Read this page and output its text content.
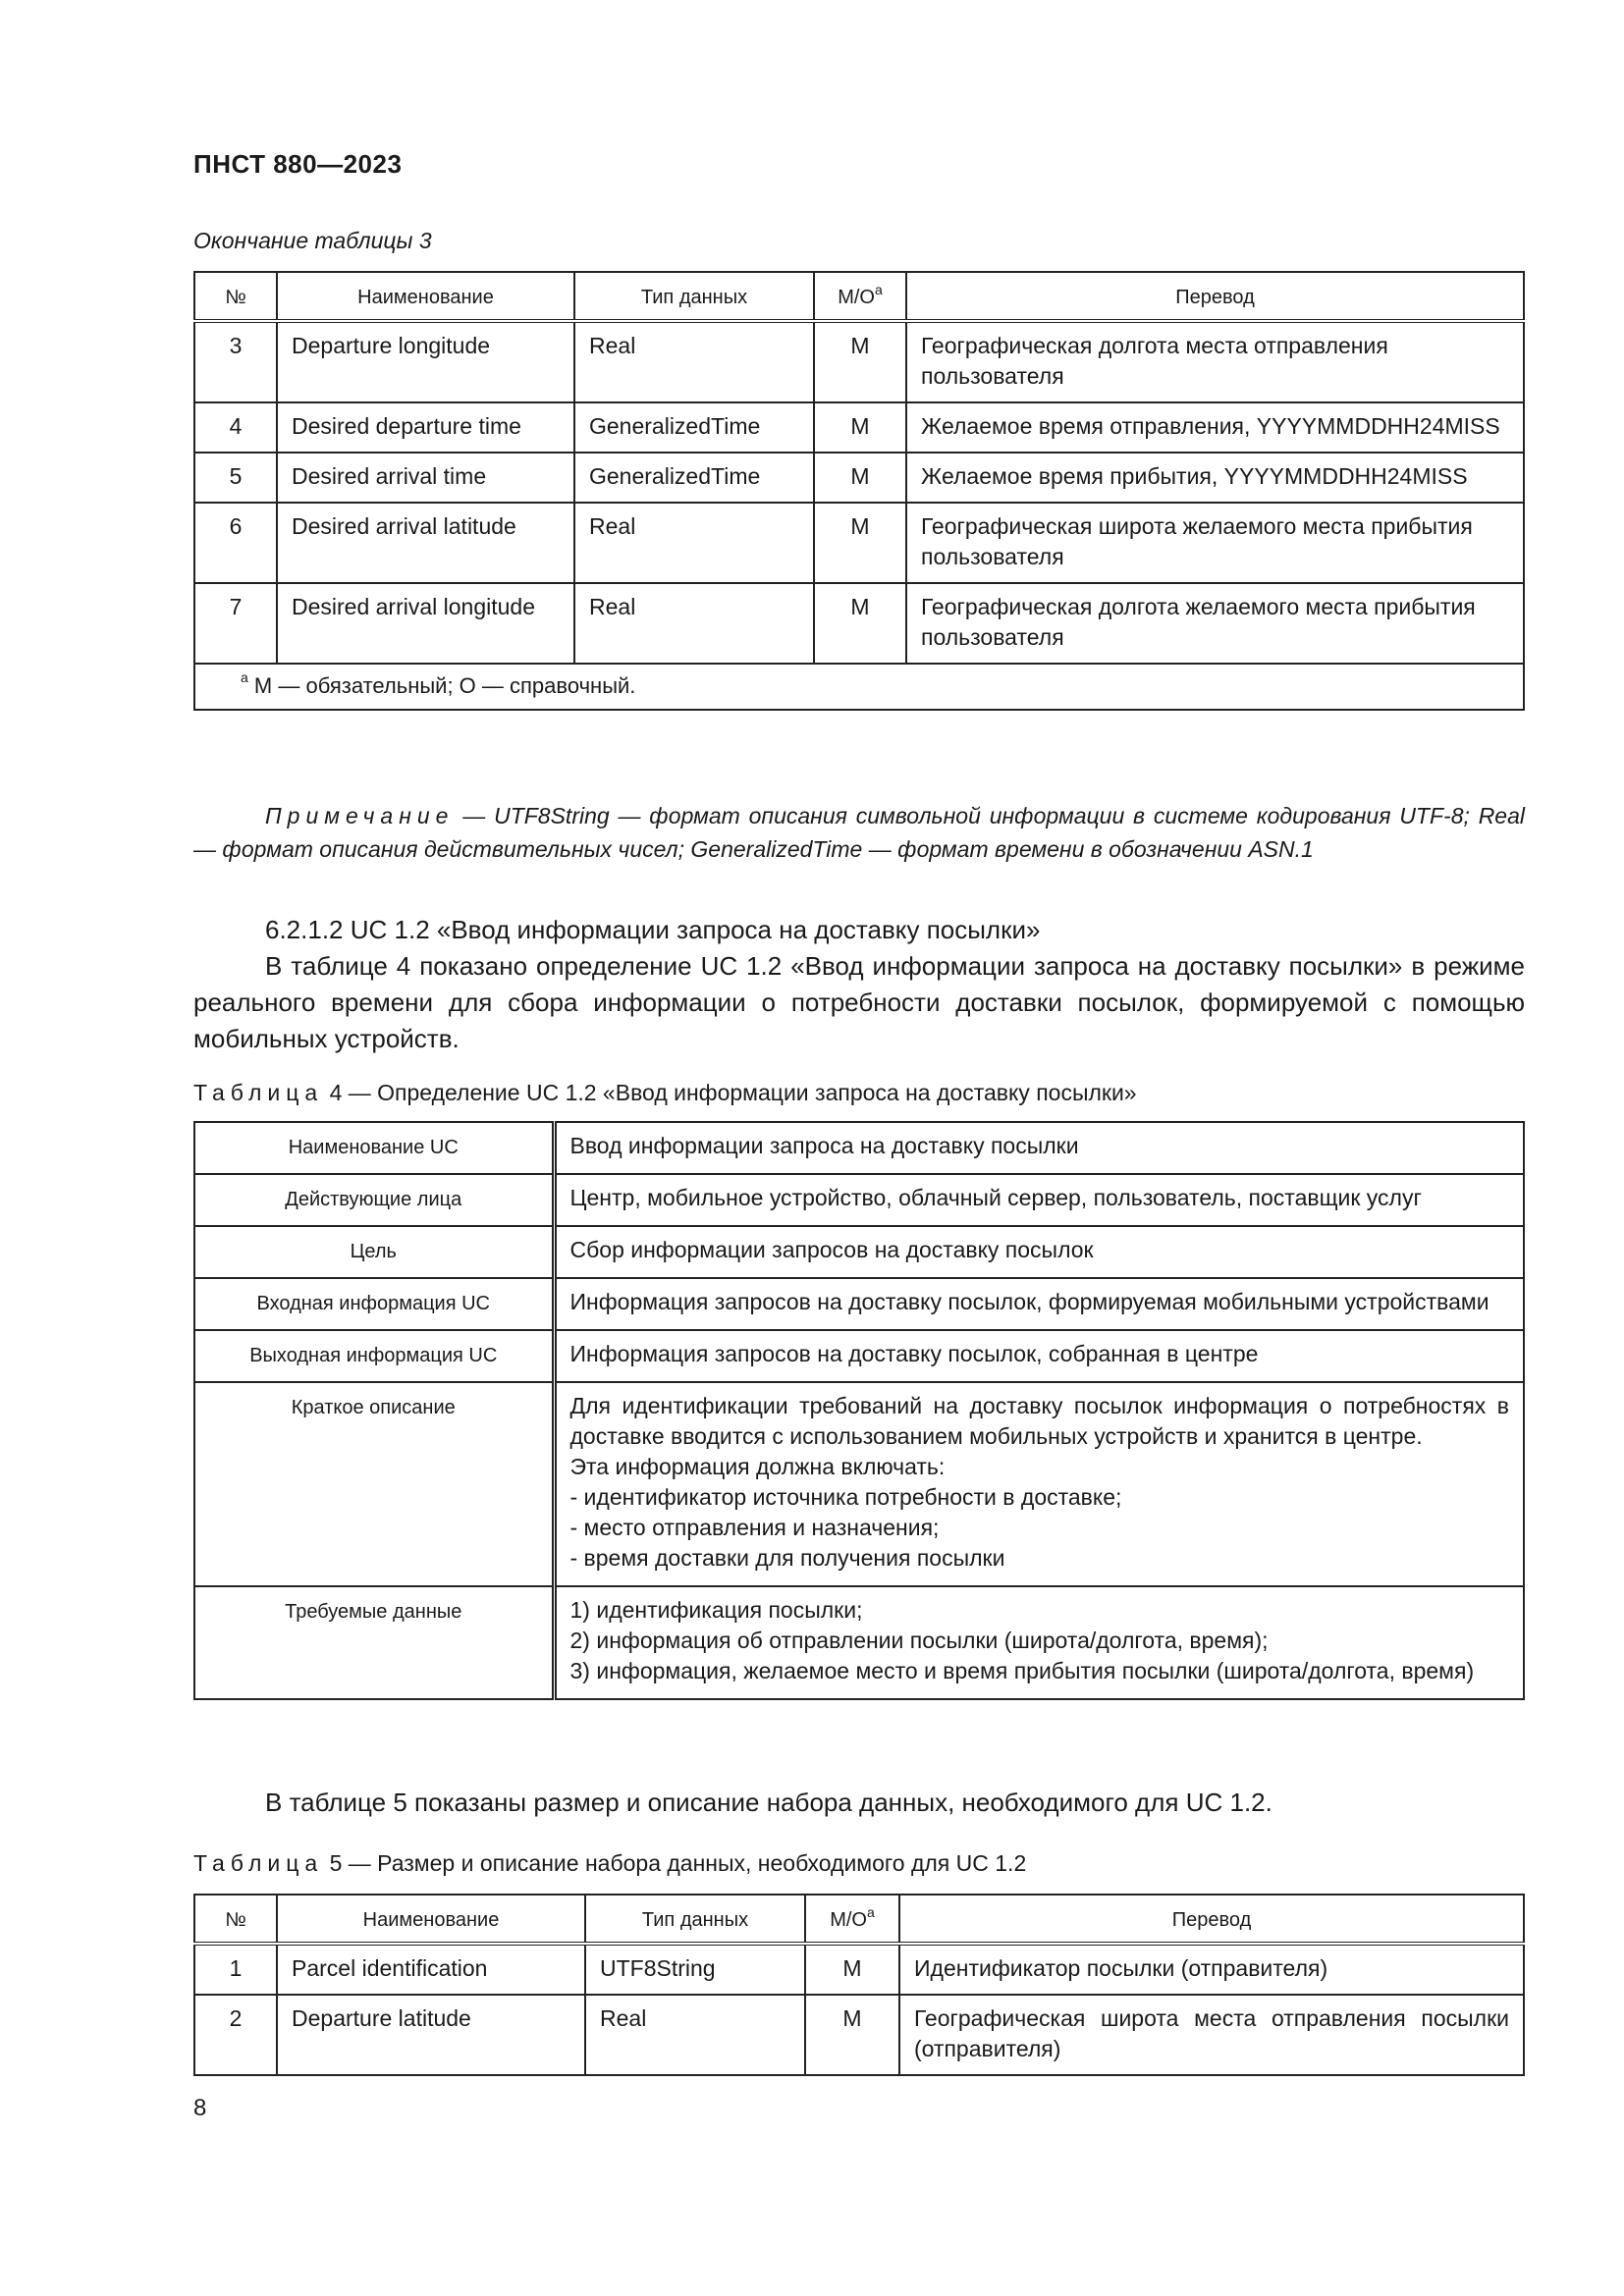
ПНСТ 880—2023
Окончание таблицы 3
№	Наименование	Тип данных	$M/O^a$	Перевод
3	Departure longitude	Real	M	Географическая долгота места отправления пользователя
4	Desired departure time	GeneralizedTime	M	Желаемое время отправления, YYYYMMDDHH24MISS
5	Desired arrival time	GeneralizedTime	M	Желаемое время прибытия, YYYYMMDDHH24MISS
6	Desired arrival latitude	Real	M	Географическая широта желаемого места прибытия пользователя
7	Desired arrival longitude	Real	M	Географическая долгота желаемого места прибытия пользователя
$^a$ M — обязательный; O — справочный.				
Примечание — UTF8String — формат описания символьной информации в системе кодирования UTF-8; Real — формат описания действительных чисел; GeneralizedTime — формат времени в обозначении ASN.1
6.2.1.2 UC 1.2 «Ввод информации запроса на доставку посылки»
В таблице 4 показано определение UC 1.2 «Ввод информации запроса на доставку посылки» в режиме реального времени для сбора информации о потребности доставки посылок, формируемой с помощью мобильных устройств.
Таблица 4 — Определение UC 1.2 «Ввод информации запроса на доставку посылки»
Наименование UC	Ввод информации запроса на доставку посылки

Действующие лица	Центр, мобильное устройство, облачный сервер, пользователь, поставщик услуг

Цель	Сбор информации запросов на доставку посылок

Входная информация UC	Информация запросов на доставку посылок, формируемая мобильными устройствами

Выходная информация UC	Информация запросов на доставку посылок, собранная в центре

Краткое описание	Для идентификации требований на доставку посылок информация о потребностях в доставке вводится с использованием мобильных устройств и хранится в центре.
Эта информация должна включать:
- идентификатор источника потребности в доставке;
- место отправления и назначения;
- время доставки для получения посылки

Требуемые данные	1) идентификация посылки;
2) информация об отправлении посылки (широта/долгота, время);
3) информация, желаемое место и время прибытия посылки (широта/долгота, время)
В таблице 5 показаны размер и описание набора данных, необходимого для UC 1.2.
Таблица 5 — Размер и описание набора данных, необходимого для UC 1.2
№	Наименование	Тип данных	$M/O^a$	Перевод
1	Parcel identification	UTF8String	M	Идентификатор посылки (отправителя)
2	Departure latitude	Real	M	Географическая широта места отправления посылки (отправителя)
8
